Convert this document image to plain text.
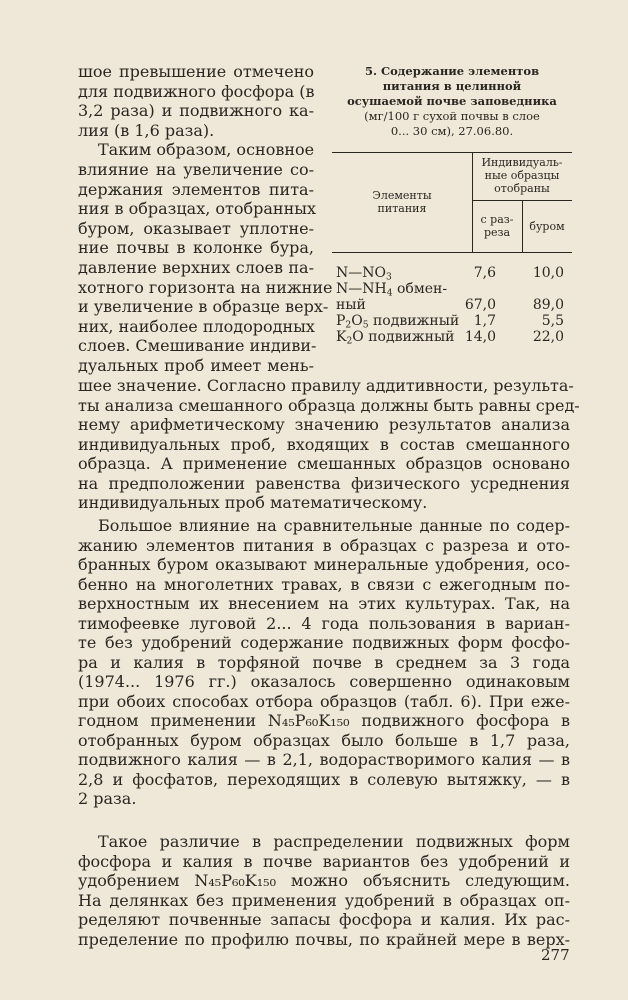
шое превышение отмечено
для подвижного фосфора (в
3,2 раза) и подвижного ка-
лия (в 1,6 раза).
Таким образом, основное
влияние на увеличение со-
держания элементов пита-
ния в образцах, отобранных
буром, оказывает уплотне-
ние почвы в колонке бура,
давление верхних слоев па-
хотного горизонта на нижние
и увеличение в образце верх-
них, наиболее плодородных
слоев. Смешивание индиви-
дуальных проб имеет мень-
5. Содержание элементов
питания в целинной
осушаемой почве заповедника
(мг/100 г сухой почвы в слое
0... 30 см), 27.06.80.
Элементы
питания
Индивидуаль-
ные образцы
отобраны
с раз-
реза	буром
$N—NO_3$	7,6	10,0
$N—NH_4$ обмен-
ный	67,0	89,0
$P_2O_5$ подвижный 1,7	5,5
$K_2O$ подвижный 14,0	22,0
шее значение. Согласно правилу аддитивности, результа-
ты анализа смешанного образца должны быть равны сред-
нему арифметическому значению результатов анализа
индивидуальных проб, входящих в состав смешанного
образца. А применение смешанных образцов основано
на предположении равенства физического усреднения
индивидуальных проб математическому.
Большое влияние на сравнительные данные по содер-
жанию элементов питания в образцах с разреза и ото-
бранных буром оказывают минеральные удобрения, осо-
бенно на многолетних травах, в связи с ежегодным по-
верхностным их внесением на этих культурах. Так, на
тимофеевке луговой 2... 4 года пользования в вариан-
те без удобрений содержание подвижных форм фосфо-
ра и калия в торфяной почве в среднем за 3 года
(1974... 1976 гг.) оказалось совершенно одинаковым
при обоих способах отбора образцов (табл. 6). При еже-
годном применении N₄₅P₆₀K₁₅₀ подвижного фосфора в
отобранных буром образцах было больше в 1,7 раза,
подвижного калия — в 2,1, водорастворимого калия — в
2,8 и фосфатов, переходящих в солевую вытяжку, — в
2 раза.
Такое различие в распределении подвижных форм
фосфора и калия в почве вариантов без удобрений и
удобрением N₄₅P₆₀K₁₅₀ можно объяснить следующим.
На делянках без применения удобрений в образцах оп-
ределяют почвенные запасы фосфора и калия. Их рас-
пределение по профилю почвы, по крайней мере в верх-
277
